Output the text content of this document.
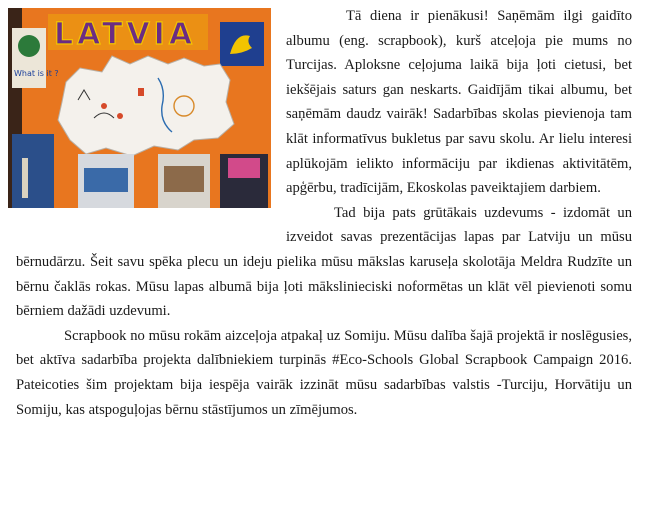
What is it ?
LATVIA

Tā diena ir pienākusi! Saņēmām ilgi gaidīto albumu (eng. scrapbook), kurš atceļoja pie mums no Turcijas. Aploksne ceļojuma laikā bija ļoti cietusi, bet iekšējais saturs gan neskarts. Gaidījām tikai albumu, bet saņēmām daudz vairāk! Sadarbības skolas pievienoja tam klāt informatīvus bukletus par savu skolu. Ar lielu interesi aplūkojām ielikto informāciju par ikdienas aktivitātēm, apģērbu, tradīcijām, Ekoskolas paveiktajiem darbiem.

Tad bija pats grūtākais uzdevums - izdomāt un izveidot savas prezentācijas lapas par Latviju un mūsu bērnudārzu. Šeit savu spēka plecu un ideju pielika mūsu mākslas karuseļa skolotāja Meldra Rudzīte un bērnu čaklās rokas. Mūsu lapas albumā bija ļoti mākslinieciski noformētas un klāt vēl pievienoti somu bērniem dažādi uzdevumi.

Scrapbook no mūsu rokām aizceļoja atpakaļ uz Somiju. Mūsu dalība šajā projektā ir noslēgusies, bet aktīva sadarbība projekta dalībniekiem turpinās #Eco-Schools Global Scrapbook Campaign 2016. Pateicoties šim projektam bija iespēja vairāk izzināt mūsu sadarbības valstis -Turciju, Horvātiju un Somiju, kas atspoguļojas bērnu stāstījumos un zīmējumos.
